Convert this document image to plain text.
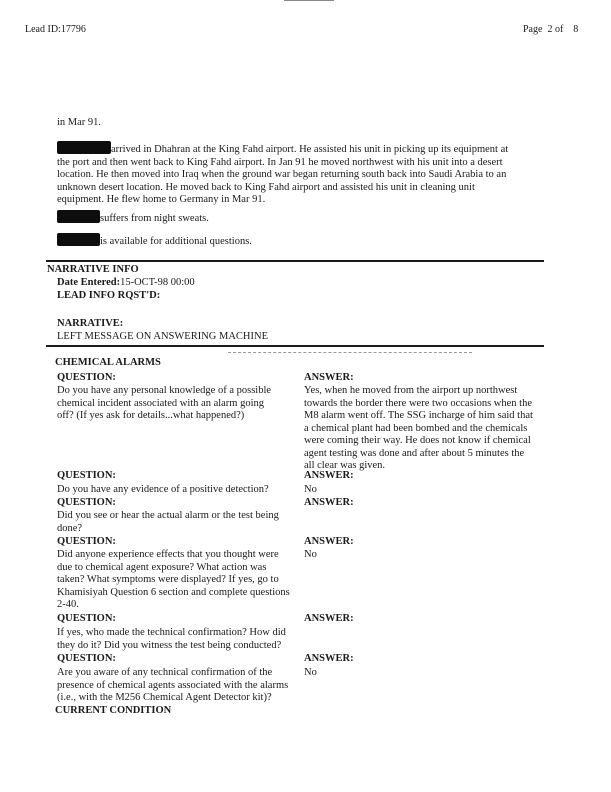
Lead ID:17796	Page  2 of    8
in Mar 91.

arrived in Dhahran at the King Fahd airport. He assisted his unit in picking up its equipment at the port and then went back to King Fahd airport. In Jan 91 he moved northwest with his unit into a desert location. He then moved into Iraq when the ground war began returning south back into Saudi Arabia to an unknown desert location. He moved back to King Fahd airport and assisted his unit in cleaning unit equipment. He flew home to Germany in Mar 91.

suffers from night sweats.
is available for additional questions.
NARRATIVE INFO
Date Entered:15-OCT-98 00:00
LEAD INFO RQST'D:
NARRATIVE:
LEFT MESSAGE ON ANSWERING MACHINE
CHEMICAL ALARMS
QUESTION:	ANSWER:
Do you have any personal knowledge of a possible chemical incident associated with an alarm going off? (If yes ask for details...what happened?)
Yes, when he moved from the airport up northwest towards the border there were two occasions when the M8 alarm went off. The SSG incharge of him said that a chemical plant had been bombed and the chemicals were coming their way. He does not know if chemical agent testing was done and after about 5 minutes the all clear was given.
QUESTION:	ANSWER:
Do you have any evidence of a positive detection?	No
QUESTION:	ANSWER:
Did you see or hear the actual alarm or the test being done?
QUESTION:	ANSWER:
Did anyone experience effects that you thought were due to chemical agent exposure? What action was taken? What symptoms were displayed? If yes, go to Khamisiyah Question 6 section and complete questions 2-40.
No
QUESTION:	ANSWER:
If yes, who made the technical confirmation? How did they do it? Did you witness the test being conducted?
QUESTION:	ANSWER:
Are you aware of any technical confirmation of the presence of chemical agents associated with the alarms (i.e., with the M256 Chemical Agent Detector kit)?
No
CURRENT CONDITION
